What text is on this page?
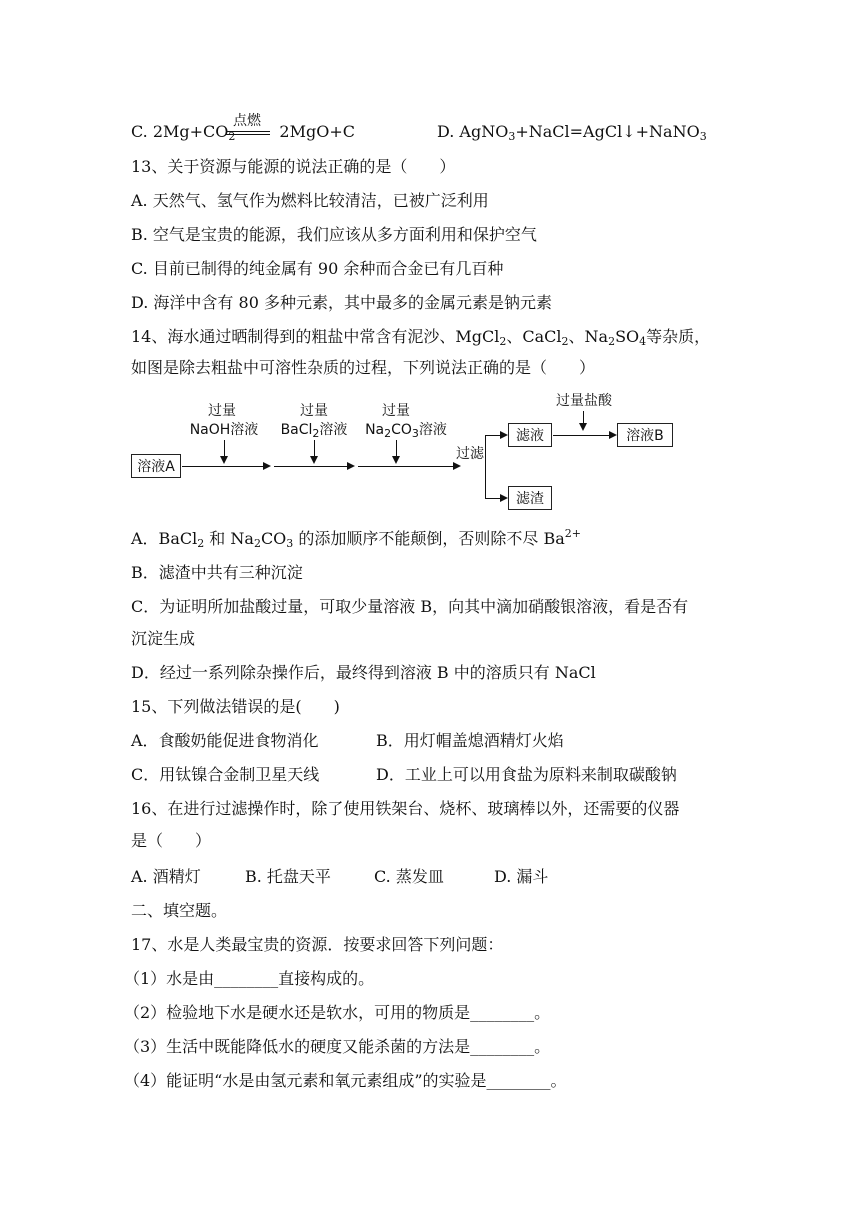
C. $2Mg+CO_2$	2MgO+C
点燃
D. AgNO$_3$+NaCl=AgCl↓+NaNO$_3$
13、关于资源与能源的说法正确的是（　　）
A. 天然气、氢气作为燃料比较清洁，已被广泛利用
B. 空气是宝贵的能源，我们应该从多方面利用和保护空气
C. 目前已制得的纯金属有 90 余种而合金已有几百种
D. 海洋中含有 80 多种元素，其中最多的金属元素是钠元素
14、海水通过晒制得到的粗盐中常含有泥沙、MgCl$_2$、CaCl$_2$、$Na_2SO_4$等杂质，
如图是除去粗盐中可溶性杂质的过程，下列说法正确的是（　　）
溶液A
过量
NaOH溶液
过量
BaCl$_2$溶液
过量
$Na_2CO_3$溶液
过滤
滤液
滤渣
过量盐酸
溶液B
A．BaCl$_2$ 和 $Na_2CO_3$ 的添加顺序不能颠倒，否则除不尽 $Ba^{2+}$
B．滤渣中共有三种沉淀
C．为证明所加盐酸过量，可取少量溶液 B，向其中滴加硝酸银溶液，看是否有
沉淀生成
D．经过一系列除杂操作后，最终得到溶液 B 中的溶质只有 NaCl
15、下列做法错误的是(　　)
A．食酸奶能促进食物消化	B．用灯帽盖熄酒精灯火焰
C．用钛镍合金制卫星天线	D．工业上可以用食盐为原料来制取碳酸钠
16、在进行过滤操作时，除了使用铁架台、烧杯、玻璃棒以外，还需要的仪器
是（　　）
A. 酒精灯	B. 托盘天平	C. 蒸发皿	D. 漏斗
二、填空题。
17、水是人类最宝贵的资源．按要求回答下列问题：
（1）水是由________直接构成的。
（2）检验地下水是硬水还是软水，可用的物质是________。
（3）生活中既能降低水的硬度又能杀菌的方法是________。
（4）能证明“水是由氢元素和氧元素组成”的实验是________。
